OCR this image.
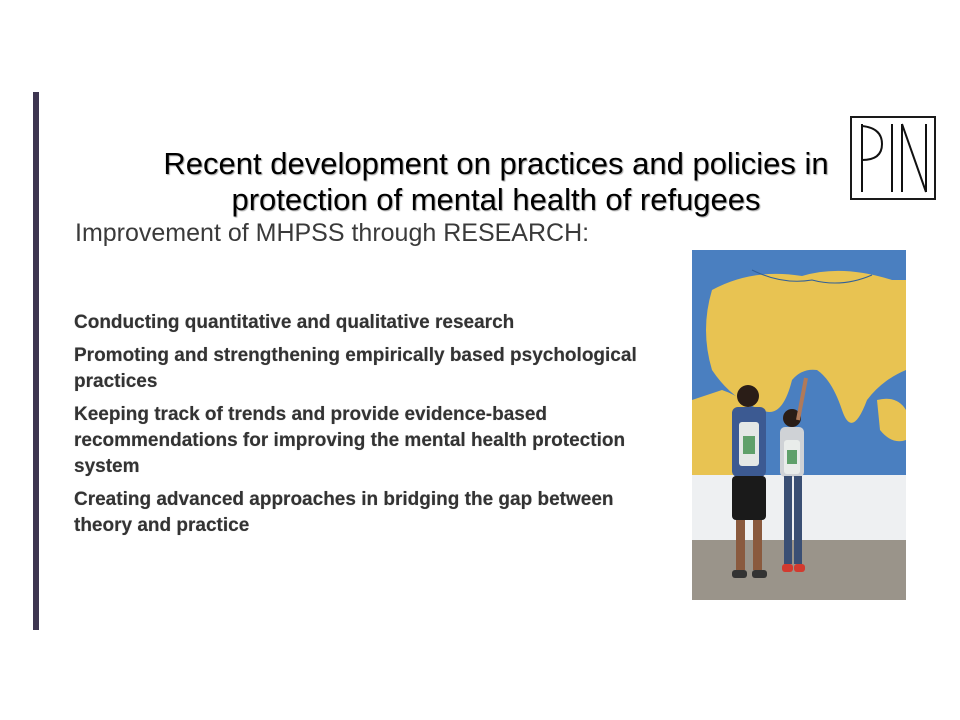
Recent development on practices and policies in protection of mental health of refugees
Improvement of MHPSS through RESEARCH:
Conducting quantitative and qualitative research
Promoting and strengthening empirically based psychological practices
Keeping track of trends and provide evidence-based recommendations for improving the mental health protection system
Creating advanced approaches in bridging the gap between theory and practice
